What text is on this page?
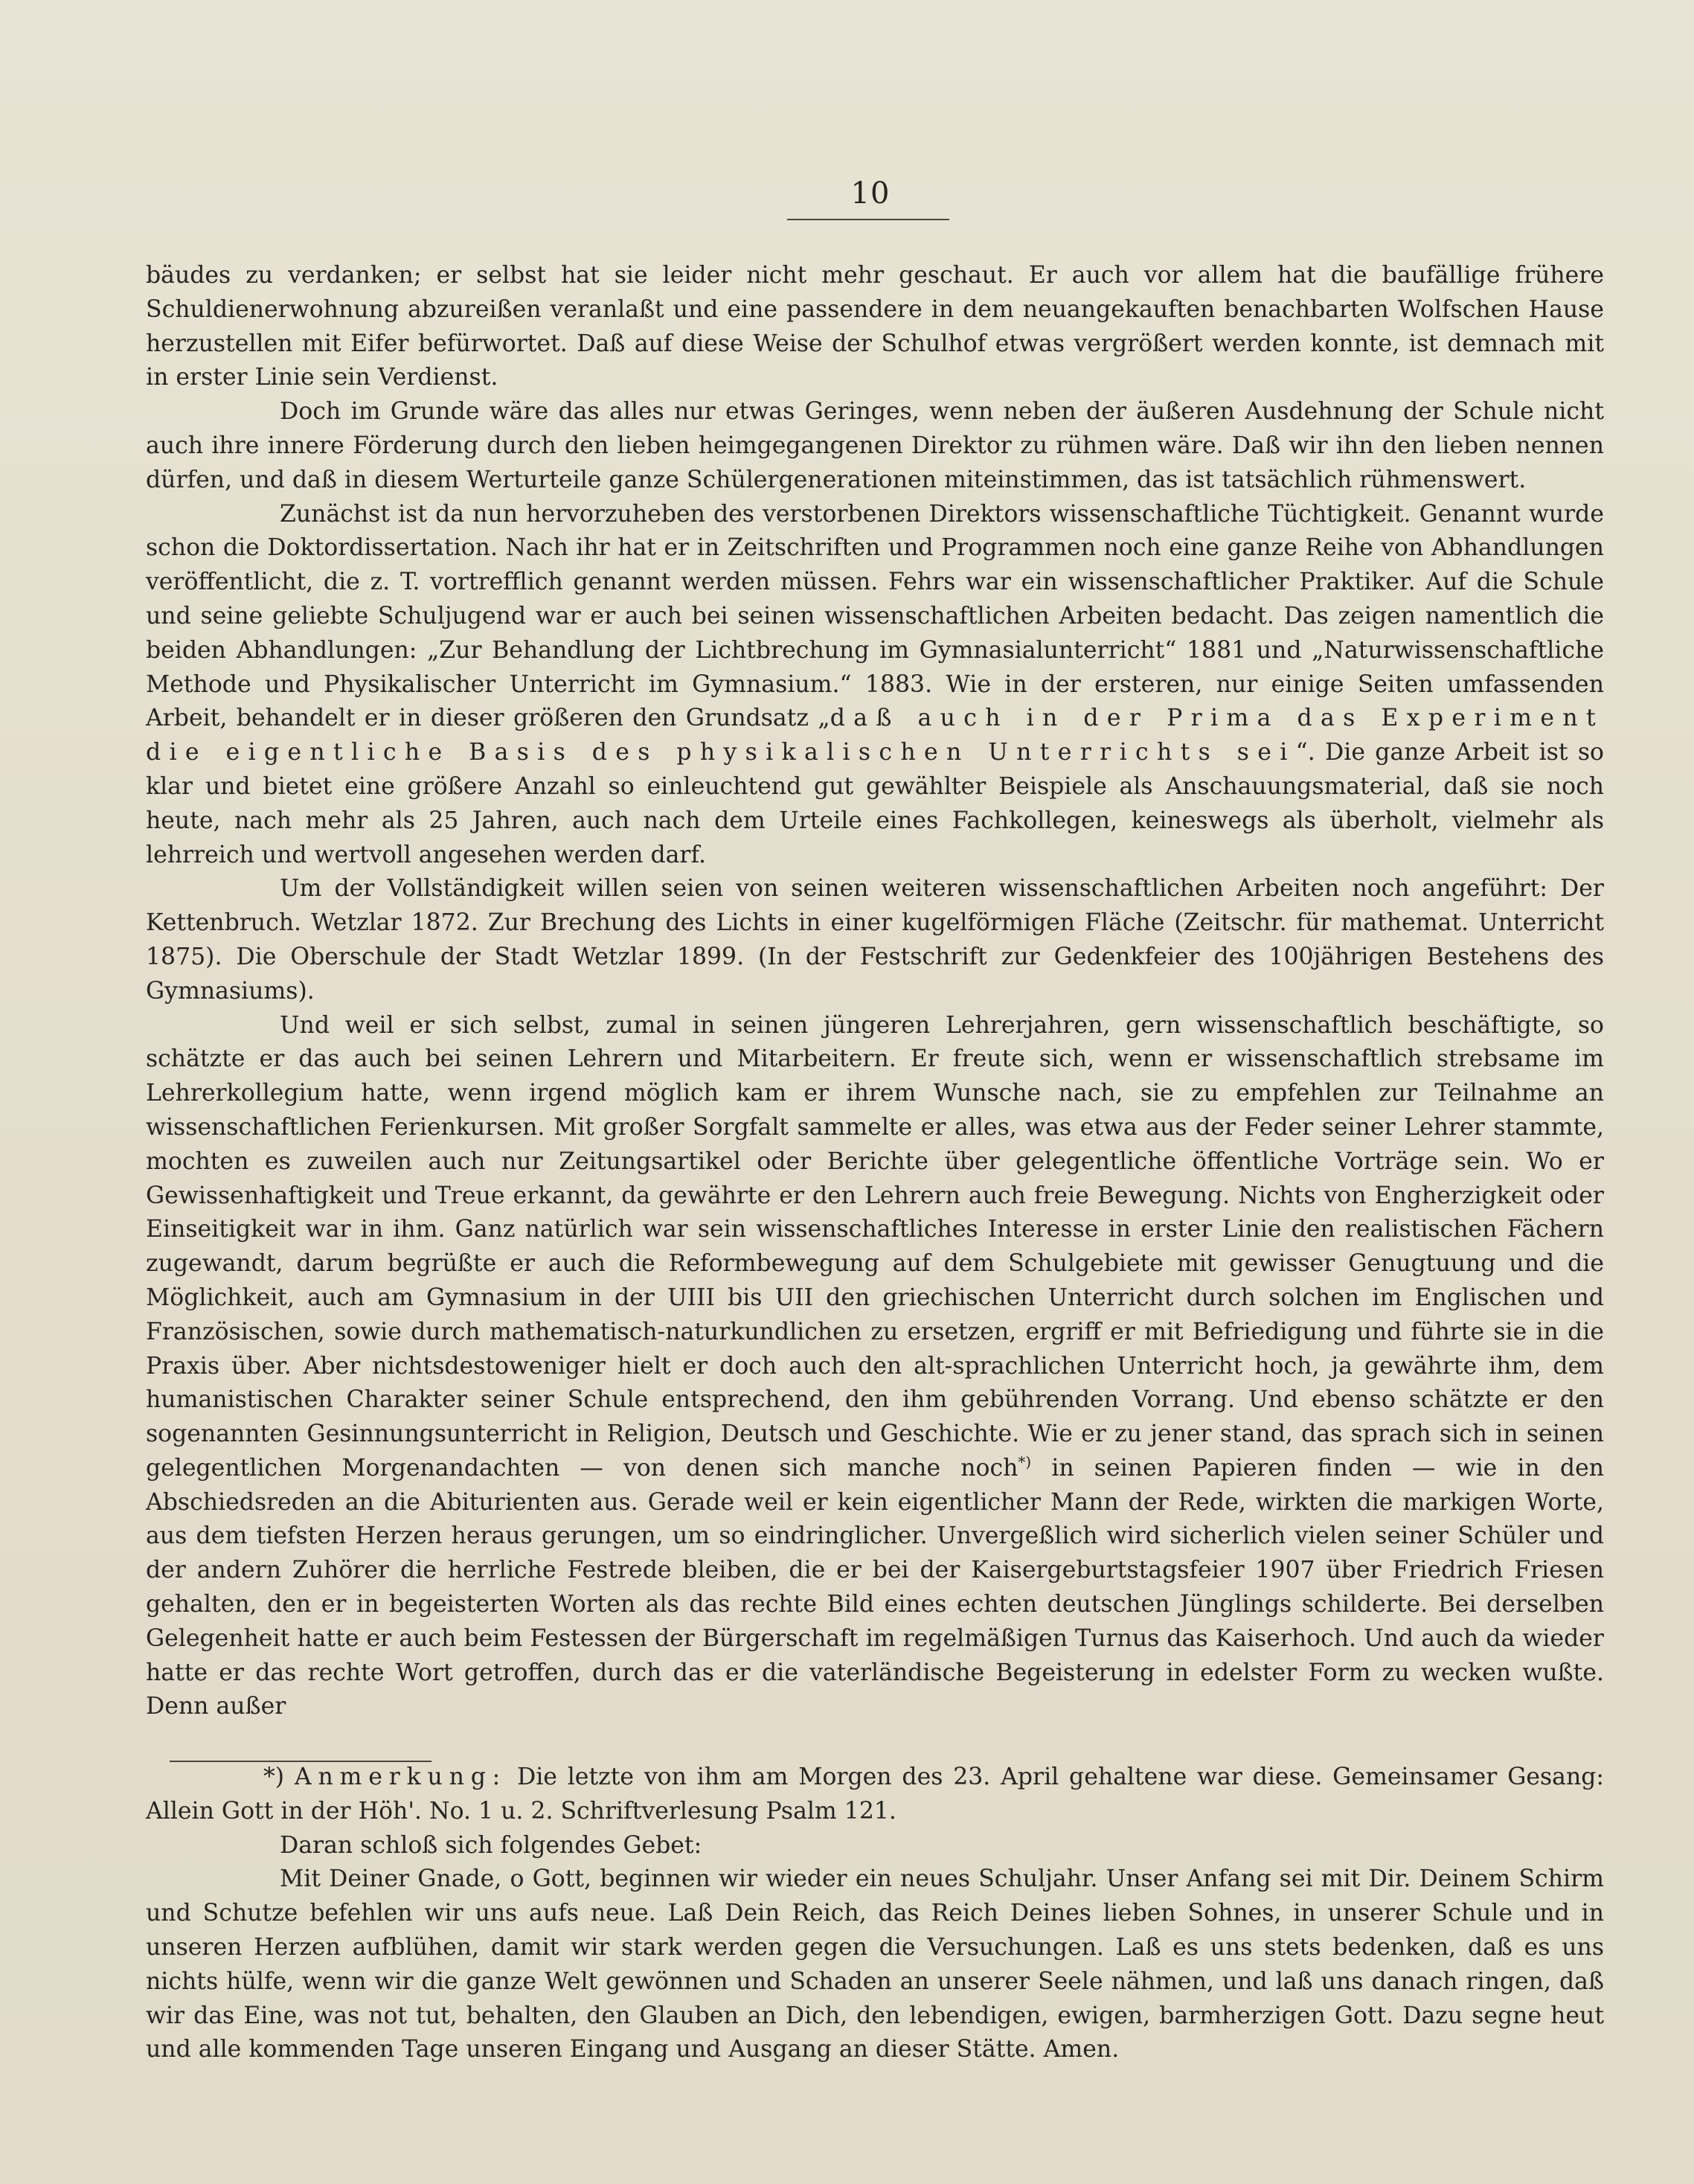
10

bäudes zu verdanken; er selbst hat sie leider nicht mehr geschaut. Er auch vor allem hat die baufällige frühere Schuldienerwohnung abzureißen veranlaßt und eine passendere in dem neuangekauften benachbarten Wolfschen Hause herzustellen mit Eifer befürwortet. Daß auf diese Weise der Schulhof etwas vergrößert werden konnte, ist demnach mit in erster Linie sein Verdienst.

Doch im Grunde wäre das alles nur etwas Geringes, wenn neben der äußeren Ausdehnung der Schule nicht auch ihre innere Förderung durch den lieben heimgegangenen Direktor zu rühmen wäre. Daß wir ihn den lieben nennen dürfen, und daß in diesem Werturteile ganze Schülergenerationen miteinstimmen, das ist tatsächlich rühmenswert.

Zunächst ist da nun hervorzuheben des verstorbenen Direktors wissenschaftliche Tüchtigkeit. Genannt wurde schon die Doktordissertation. Nach ihr hat er in Zeitschriften und Programmen noch eine ganze Reihe von Abhandlungen veröffentlicht, die z. T. vortrefflich genannt werden müssen. Fehrs war ein wissenschaftlicher Praktiker. Auf die Schule und seine geliebte Schuljugend war er auch bei seinen wissenschaftlichen Arbeiten bedacht. Das zeigen namentlich die beiden Abhandlungen: „Zur Behandlung der Lichtbrechung im Gymnasialunterricht“ 1881 und „Naturwissenschaftliche Methode und Physikalischer Unterricht im Gymnasium.“ 1883. Wie in der ersteren, nur einige Seiten umfassenden Arbeit, behandelt er in dieser größeren den Grundsatz „daß auch in der Prima das Experiment die eigentliche Basis des physikalischen Unterrichts sei“. Die ganze Arbeit ist so klar und bietet eine größere Anzahl so einleuchtend gut gewählter Beispiele als Anschauungsmaterial, daß sie noch heute, nach mehr als 25 Jahren, auch nach dem Urteile eines Fachkollegen, keineswegs als überholt, vielmehr als lehrreich und wertvoll angesehen werden darf.

Um der Vollständigkeit willen seien von seinen weiteren wissenschaftlichen Arbeiten noch angeführt: Der Kettenbruch. Wetzlar 1872. Zur Brechung des Lichts in einer kugelförmigen Fläche (Zeitschr. für mathemat. Unterricht 1875). Die Oberschule der Stadt Wetzlar 1899. (In der Festschrift zur Gedenkfeier des 100jährigen Bestehens des Gymnasiums).

Und weil er sich selbst, zumal in seinen jüngeren Lehrerjahren, gern wissenschaftlich beschäftigte, so schätzte er das auch bei seinen Lehrern und Mitarbeitern. Er freute sich, wenn er wissenschaftlich strebsame im Lehrerkollegium hatte, wenn irgend möglich kam er ihrem Wunsche nach, sie zu empfehlen zur Teilnahme an wissenschaftlichen Ferienkursen. Mit großer Sorgfalt sammelte er alles, was etwa aus der Feder seiner Lehrer stammte, mochten es zuweilen auch nur Zeitungsartikel oder Berichte über gelegentliche öffentliche Vorträge sein. Wo er Gewissenhaftigkeit und Treue erkannt, da gewährte er den Lehrern auch freie Bewegung. Nichts von Engherzigkeit oder Einseitigkeit war in ihm. Ganz natürlich war sein wissenschaftliches Interesse in erster Linie den realistischen Fächern zugewandt, darum begrüßte er auch die Reformbewegung auf dem Schulgebiete mit gewisser Genugtuung und die Möglichkeit, auch am Gymnasium in der UIII bis UII den griechischen Unterricht durch solchen im Englischen und Französischen, sowie durch mathematisch-naturkundlichen zu ersetzen, ergriff er mit Befriedigung und führte sie in die Praxis über. Aber nichtsdestoweniger hielt er doch auch den alt-sprachlichen Unterricht hoch, ja gewährte ihm, dem humanistischen Charakter seiner Schule entsprechend, den ihm gebührenden Vorrang. Und ebenso schätzte er den sogenannten Gesinnungsunterricht in Religion, Deutsch und Geschichte. Wie er zu jener stand, das sprach sich in seinen gelegentlichen Morgenandachten — von denen sich manche noch*) in seinen Papieren finden — wie in den Abschiedsreden an die Abiturienten aus. Gerade weil er kein eigentlicher Mann der Rede, wirkten die markigen Worte, aus dem tiefsten Herzen heraus gerungen, um so eindringlicher. Unvergeßlich wird sicherlich vielen seiner Schüler und der andern Zuhörer die herrliche Festrede bleiben, die er bei der Kaisergeburtstagsfeier 1907 über Friedrich Friesen gehalten, den er in begeisterten Worten als das rechte Bild eines echten deutschen Jünglings schilderte. Bei derselben Gelegenheit hatte er auch beim Festessen der Bürgerschaft im regelmäßigen Turnus das Kaiserhoch. Und auch da wieder hatte er das rechte Wort getroffen, durch das er die vaterländische Begeisterung in edelster Form zu wecken wußte. Denn außer

*) Anmerkung: Die letzte von ihm am Morgen des 23. April gehaltene war diese. Gemeinsamer Gesang: Allein Gott in der Höh'. No. 1 u. 2. Schriftverlesung Psalm 121.

Daran schloß sich folgendes Gebet:

Mit Deiner Gnade, o Gott, beginnen wir wieder ein neues Schuljahr. Unser Anfang sei mit Dir. Deinem Schirm und Schutze befehlen wir uns aufs neue. Laß Dein Reich, das Reich Deines lieben Sohnes, in unserer Schule und in unseren Herzen aufblühen, damit wir stark werden gegen die Versuchungen. Laß es uns stets bedenken, daß es uns nichts hülfe, wenn wir die ganze Welt gewönnen und Schaden an unserer Seele nähmen, und laß uns danach ringen, daß wir das Eine, was not tut, behalten, den Glauben an Dich, den lebendigen, ewigen, barmherzigen Gott. Dazu segne heut und alle kommenden Tage unseren Eingang und Ausgang an dieser Stätte. Amen.
